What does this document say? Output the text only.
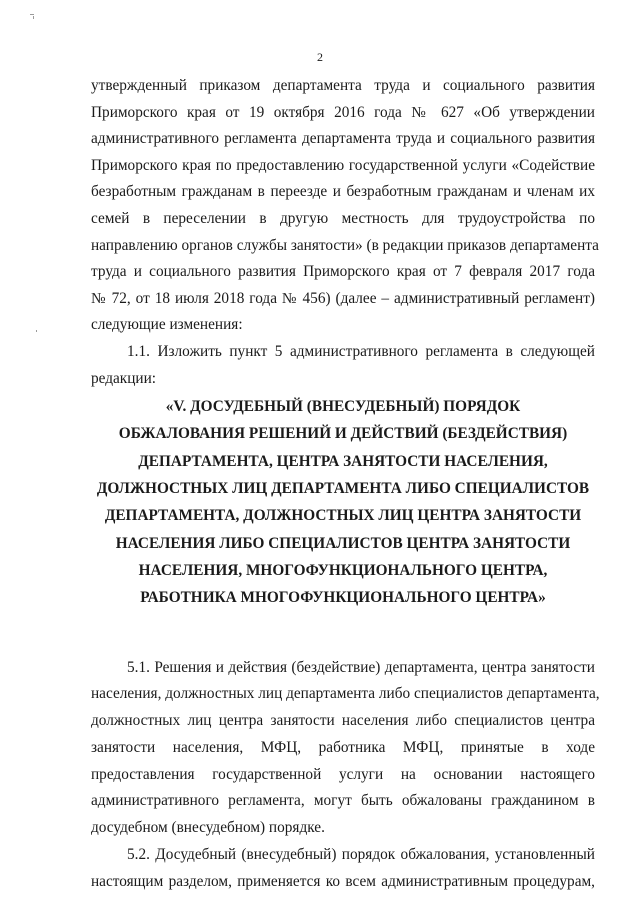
2
утвержденный приказом департамента труда и социального развития
Приморского края от 19 октября 2016 года № 627 «Об утверждении
административного регламента департамента труда и социального развития
Приморского края по предоставлению государственной услуги «Содействие
безработным гражданам в переезде и безработным гражданам и членам их
семей в переселении в другую местность для трудоустройства по
направлению органов службы занятости» (в редакции приказов департамента
труда и социального развития Приморского края от 7 февраля 2017 года
№ 72, от 18 июля 2018 года № 456) (далее – административный регламент)
следующие изменения:
1.1. Изложить пункт 5 административного регламента в следующей
редакции:
«V. ДОСУДЕБНЫЙ (ВНЕСУДЕБНЫЙ) ПОРЯДОК
ОБЖАЛОВАНИЯ РЕШЕНИЙ И ДЕЙСТВИЙ (БЕЗДЕЙСТВИЯ)
ДЕПАРТАМЕНТА, ЦЕНТРА ЗАНЯТОСТИ НАСЕЛЕНИЯ,
ДОЛЖНОСТНЫХ ЛИЦ ДЕПАРТАМЕНТА ЛИБО СПЕЦИАЛИСТОВ
ДЕПАРТАМЕНТА, ДОЛЖНОСТНЫХ ЛИЦ ЦЕНТРА ЗАНЯТОСТИ
НАСЕЛЕНИЯ ЛИБО СПЕЦИАЛИСТОВ ЦЕНТРА ЗАНЯТОСТИ
НАСЕЛЕНИЯ, МНОГОФУНКЦИОНАЛЬНОГО ЦЕНТРА,
РАБОТНИКА МНОГОФУНКЦИОНАЛЬНОГО ЦЕНТРА»
5.1. Решения и действия (бездействие) департамента, центра занятости
населения, должностных лиц департамента либо специалистов департамента,
должностных лиц центра занятости населения либо специалистов центра
занятости населения, МФЦ, работника МФЦ, принятые в ходе
предоставления государственной услуги на основании настоящего
административного регламента, могут быть обжалованы гражданином в
досудебном (внесудебном) порядке.
5.2. Досудебный (внесудебный) порядок обжалования, установленный
настоящим разделом, применяется ко всем административным процедурам,
